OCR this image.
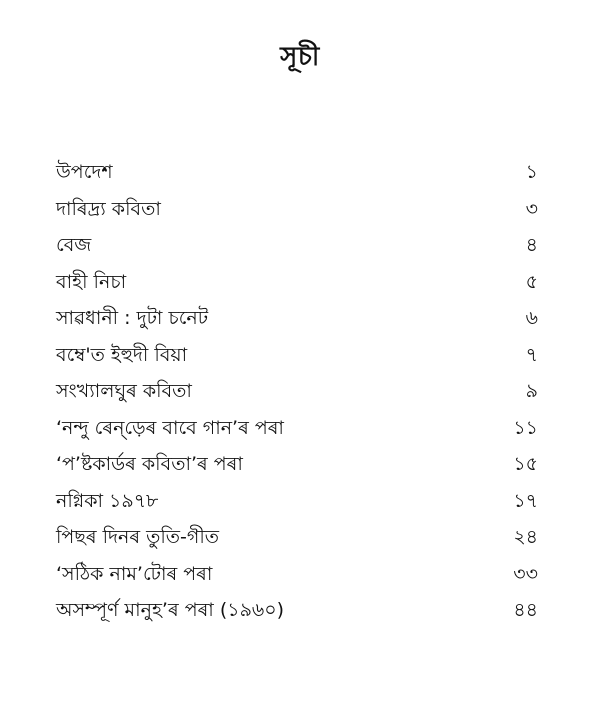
সূচী
উপদেশ	১
দাৰিদ্ৰ্য কবিতা	৩
বেজ	৪
বাহী নিচা	৫
সাৱধানী : দুটা চনেট	৬
বম্বে'ত ইহুদী বিয়া	৭
সংখ্যালঘুৰ কবিতা	৯
‘নন্দু ৰেন্‌ড়েৰ বাবে গান’ৰ পৰা	১১
‘প’ষ্টকাৰ্ডৰ কবিতা’ৰ পৰা	১৫
নগ্নিকা ১৯৭৮	১৭
পিছৰ দিনৰ তুতি-গীত	২৪
‘সঠিক নাম’টোৰ পৰা	৩৩
অসম্পূৰ্ণ মানুহ’ৰ পৰা (১৯৬০)	৪৪
